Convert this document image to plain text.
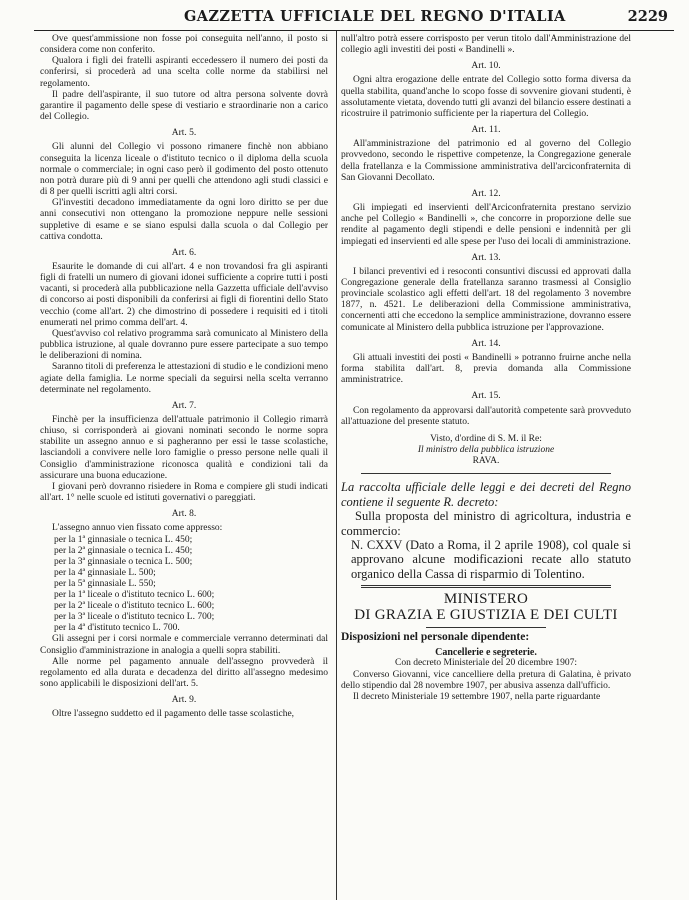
GAZZETTA UFFICIALE DEL REGNO D'ITALIA	2229

Ove quest'ammissione non fosse poi conseguita nell'anno, il posto si considera come non conferito.

Qualora i figli dei fratelli aspiranti eccedessero il numero dei posti da conferirsi, si procederà ad una scelta colle norme da stabilirsi nel regolamento.

Il padre dell'aspirante, il suo tutore od altra persona solvente dovrà garantire il pagamento delle spese di vestiario e straordinarie non a carico del Collegio.

Art. 5.

Gli alunni del Collegio vi possono rimanere finchè non abbiano conseguita la licenza liceale o d'istituto tecnico o il diploma della scuola normale o commerciale; in ogni caso però il godimento del posto ottenuto non potrà durare più di 9 anni per quelli che attendono agli studi classici e di 8 per quelli iscritti agli altri corsi.

Gl'investiti decadono immediatamente da ogni loro diritto se per due anni consecutivi non ottengano la promozione neppure nelle sessioni suppletive di esame e se siano espulsi dalla scuola o dal Collegio per cattiva condotta.

Art. 6.

Esaurite le domande di cui all'art. 4 e non trovandosi fra gli aspiranti figli di fratelli un numero di giovani idonei sufficiente a coprire tutti i posti vacanti, si procederà alla pubblicazione nella Gazzetta ufficiale dell'avviso di concorso ai posti disponibili da conferirsi ai figli di fiorentini dello Stato vecchio (come all'art. 2) che dimostrino di possedere i requisiti ed i titoli enumerati nel primo comma dell'art. 4.

Quest'avviso col relativo programma sarà comunicato al Ministero della pubblica istruzione, al quale dovranno pure essere partecipate a suo tempo le deliberazioni di nomina.

Saranno titoli di preferenza le attestazioni di studio e le condizioni meno agiate della famiglia. Le norme speciali da seguirsi nella scelta verranno determinate nel regolamento.

Art. 7.

Finchè per la insufficienza dell'attuale patrimonio il Collegio rimarrà chiuso, si corrisponderà ai giovani nominati secondo le norme sopra stabilite un assegno annuo e si pagheranno per essi le tasse scolastiche, lasciandoli a convivere nelle loro famiglie o presso persone nelle quali il Consiglio d'amministrazione riconosca qualità e condizioni tali da assicurare una buona educazione.

I giovani però dovranno risiedere in Roma e compiere gli studi indicati all'art. 1° nelle scuole ed istituti governativi o pareggiati.

Art. 8.

L'assegno annuo vien fissato come appresso:

per la 1ª ginnasiale o tecnica L. 450;
per la 2ª ginnasiale o tecnica L. 450;
per la 3ª ginnasiale o tecnica L. 500;
per la 4ª ginnasiale L. 500;
per la 5ª ginnasiale L. 550;
per la 1ª liceale o d'istituto tecnico L. 600;
per la 2ª liceale o d'istituto tecnico L. 600;
per la 3ª liceale o d'istituto tecnico L. 700;
per la 4ª d'istituto tecnico L. 700.

Gli assegni per i corsi normale e commerciale verranno determinati dal Consiglio d'amministrazione in analogia a quelli sopra stabiliti.

Alle norme pel pagamento annuale dell'assegno provvederà il regolamento ed alla durata e decadenza del diritto all'assegno medesimo sono applicabili le disposizioni dell'art. 5.

Art. 9.

Oltre l'assegno suddetto ed il pagamento delle tasse scolastiche,

null'altro potrà essere corrisposto per verun titolo dall'Amministrazione del collegio agli investiti dei posti « Bandinelli ».

Art. 10.

Ogni altra erogazione delle entrate del Collegio sotto forma diversa da quella stabilita, quand'anche lo scopo fosse di sovvenire giovani studenti, è assolutamente vietata, dovendo tutti gli avanzi del bilancio essere destinati a ricostruire il patrimonio sufficiente per la riapertura del Collegio.

Art. 11.

All'amministrazione del patrimonio ed al governo del Collegio provvedono, secondo le rispettive competenze, la Congregazione generale della fratellanza e la Commissione amministrativa dell'arciconfraternita di San Giovanni Decollato.

Art. 12.

Gli impiegati ed inservienti dell'Arciconfraternita prestano servizio anche pel Collegio « Bandinelli », che concorre in proporzione delle sue rendite al pagamento degli stipendi e delle pensioni e indennità per gli impiegati ed inservienti ed alle spese per l'uso dei locali di amministrazione.

Art. 13.

I bilanci preventivi ed i resoconti consuntivi discussi ed approvati dalla Congregazione generale della fratellanza saranno trasmessi al Consiglio provinciale scolastico agli effetti dell'art. 18 del regolamento 3 novembre 1877, n. 4521. Le deliberazioni della Commissione amministrativa, concernenti atti che eccedono la semplice amministrazione, dovranno essere comunicate al Ministero della pubblica istruzione per l'approvazione.

Art. 14.

Gli attuali investiti dei posti « Bandinelli » potranno fruirne anche nella forma stabilita dall'art. 8, previa domanda alla Commissione amministratrice.

Art. 15.

Con regolamento da approvarsi dall'autorità competente sarà provveduto all'attuazione del presente statuto.

Visto, d'ordine di S. M. il Re:
Il ministro della pubblica istruzione
RAVA.

La raccolta ufficiale delle leggi e dei decreti del Regno contiene il seguente R. decreto:

Sulla proposta del ministro di agricoltura, industria e commercio:

N. CXXV (Dato a Roma, il 2 aprile 1908), col quale si approvano alcune modificazioni recate allo statuto organico della Cassa di risparmio di Tolentino.

MINISTERO
DI GRAZIA E GIUSTIZIA E DEI CULTI

Disposizioni nel personale dipendente:

Cancellerie e segreterie.
Con decreto Ministeriale del 20 dicembre 1907:

Converso Giovanni, vice cancelliere della pretura di Galatina, è privato dello stipendio dal 28 novembre 1907, per abusiva assenza dall'ufficio.

Il decreto Ministeriale 19 settembre 1907, nella parte riguardante
